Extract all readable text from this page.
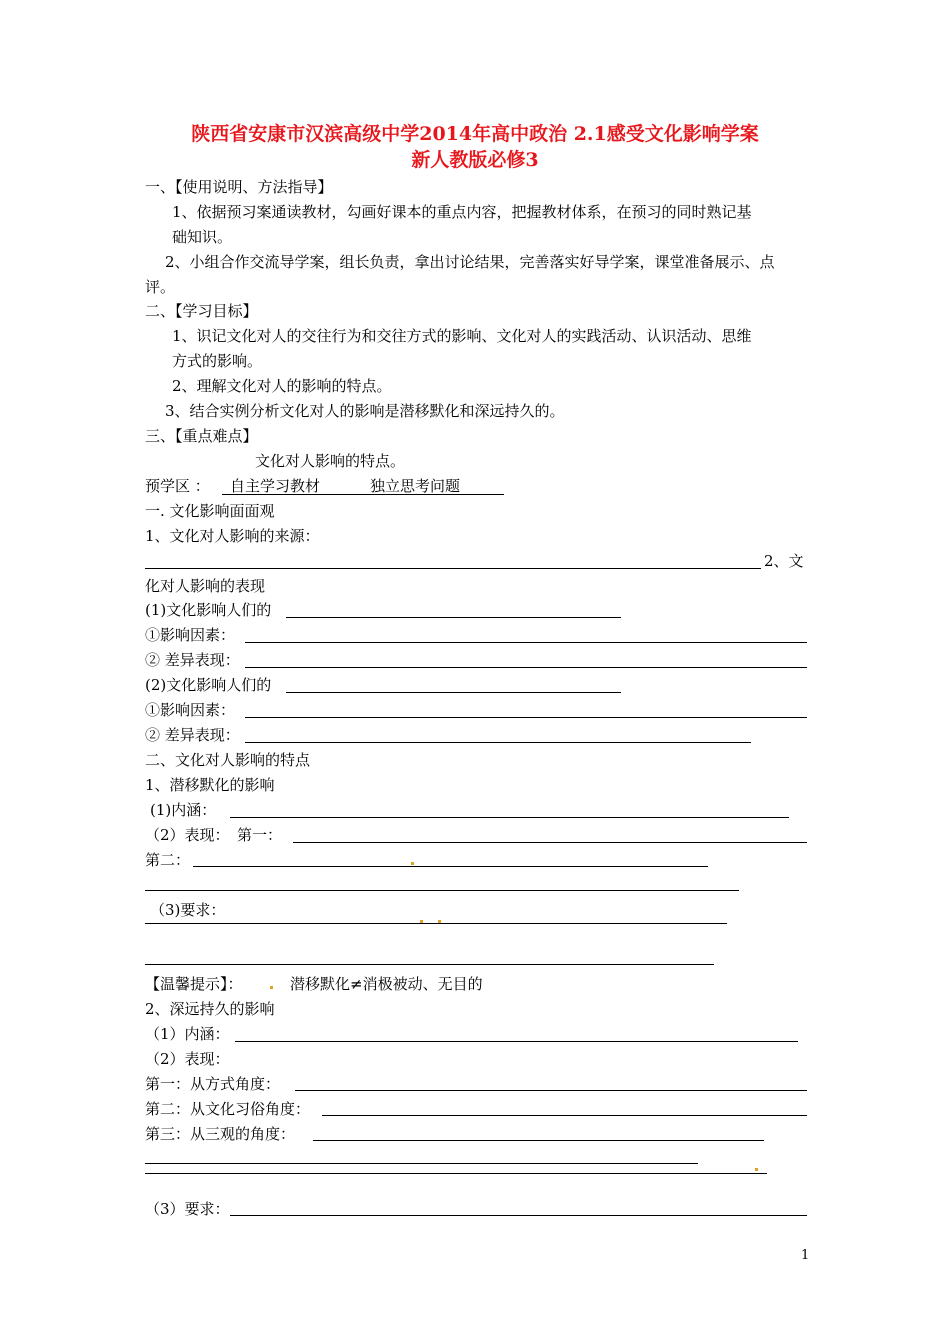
陕西省安康市汉滨高级中学2014年高中政治 2.1感受文化影响学案
新人教版必修3
一、【使用说明、方法指导】
1、依据预习案通读教材，勾画好课本的重点内容，把握教材体系，在预习的同时熟记基
础知识。
2、小组合作交流导学案，组长负责，拿出讨论结果，完善落实好导学案，课堂准备展示、点
评。
二、【学习目标】
1、识记文化对人的交往行为和交往方式的影响、文化对人的实践活动、认识活动、思维
方式的影响。
2、理解文化对人的影响的特点。
3、结合实例分析文化对人的影响是潜移默化和深远持久的。
三、【重点难点】
文化对人影响的特点。
预学区 ： 自主学习教材	独立思考问题
一. 文化影响面面观
1、文化对人影响的来源：
2、文
化对人影响的表现
(1)文化影响人们的
①影响因素：
② 差异表现：
(2)文化影响人们的
①影响因素：
② 差异表现：
二、文化对人影响的特点
1、潜移默化的影响
(1)内涵：
（2）表现：　第一：
第二：
（3)要求：
【温馨提示】：	潜移默化≠消极被动、无目的
2、深远持久的影响
（1）内涵：
（2）表现：
第一：从方式角度：
第二：从文化习俗角度：
第三：从三观的角度：
（3）要求：
1
